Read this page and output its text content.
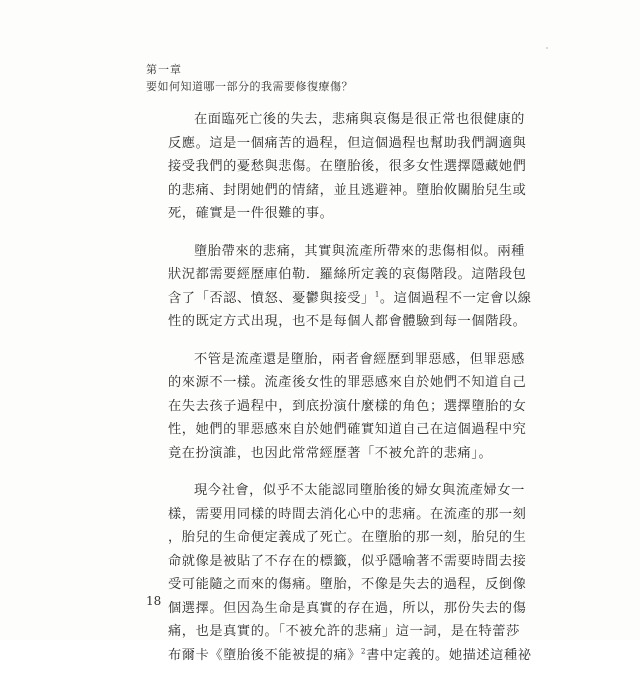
第一章
要如何知道哪一部分的我需要修復療傷？
在面臨死亡後的失去，悲痛與哀傷是很正常也很健康的
反應。這是一個痛苦的過程，但這個過程也幫助我們調適與
接受我們的憂愁與悲傷。在墮胎後，很多女性選擇隱藏她們
的悲痛、封閉她們的情緒，並且逃避神。墮胎攸關胎兒生或
死，確實是一件很難的事。
墮胎帶來的悲痛，其實與流產所帶來的悲傷相似。兩種
狀況都需要經歷庫伯勒．羅絲所定義的哀傷階段。這階段包
含了「否認、憤怒、憂鬱與接受」$^1$。這個過程不一定會以線
性的既定方式出現，也不是每個人都會體驗到每一個階段。
不管是流產還是墮胎，兩者會經歷到罪惡感，但罪惡感
的來源不一樣。流產後女性的罪惡感來自於她們不知道自己
在失去孩子過程中，到底扮演什麼樣的角色；選擇墮胎的女
性，她們的罪惡感來自於她們確實知道自己在這個過程中究
竟在扮演誰，也因此常常經歷著「不被允許的悲痛」。
現今社會，似乎不太能認同墮胎後的婦女與流產婦女一
樣，需要用同樣的時間去消化心中的悲痛。在流產的那一刻
，胎兒的生命便定義成了死亡。在墮胎的那一刻，胎兒的生
命就像是被貼了不存在的標籤，似乎隱喻著不需要時間去接
受可能隨之而來的傷痛。墮胎，不像是失去的過程，反倒像
個選擇。但因為生命是真實的存在過，所以，那份失去的傷
痛，也是真實的。「不被允許的悲痛」這一詞，是在特蕾莎
布爾卡《墮胎後不能被提的痛》$^2$書中定義的。她描述這種祕
18
